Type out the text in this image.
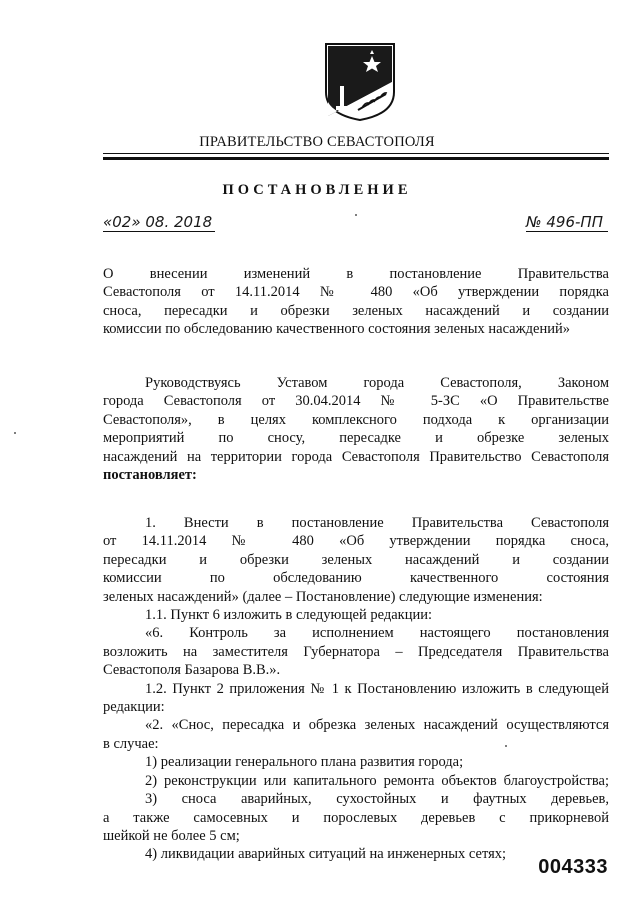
ПРАВИТЕЛЬСТВО СЕВАСТОПОЛЯ
ПОСТАНОВЛЕНИЕ
«02» 08. 2018	№ 496-ПП
О внесении изменений в постановление Правительства
Севастополя от 14.11.2014 № 480 «Об утверждении порядка
сноса, пересадки и обрезки зеленых насаждений и создании
комиссии по обследованию качественного состояния зеленых насаждений»
Руководствуясь Уставом города Севастополя, Законом
города Севастополя от 30.04.2014 № 5-ЗС «О Правительстве
Севастополя», в целях комплексного подхода к организации
мероприятий по сносу, пересадке и обрезке зеленых
насаждений на территории города Севастополя Правительство Севастополя
постановляет:
1. Внести в постановление Правительства Севастополя
от 14.11.2014 № 480 «Об утверждении порядка сноса,
пересадки и обрезки зеленых насаждений и создании
комиссии по обследованию качественного состояния
зеленых насаждений» (далее – Постановление) следующие изменения:
1.1. Пункт 6 изложить в следующей редакции:
«6. Контроль за исполнением настоящего постановления
возложить на заместителя Губернатора – Председателя Правительства
Севастополя Базарова В.В.».
1.2. Пункт 2 приложения № 1 к Постановлению изложить в следующей
редакции:
«2. «Снос, пересадка и обрезка зеленых насаждений осуществляются
в случае:
1) реализации генерального плана развития города;
2) реконструкции или капитального ремонта объектов благоустройства;
3) сноса аварийных, сухостойных и фаутных деревьев,
а также самосевных и порослевых деревьев с прикорневой
шейкой не более 5 см;
4) ликвидации аварийных ситуаций на инженерных сетях;
004333
